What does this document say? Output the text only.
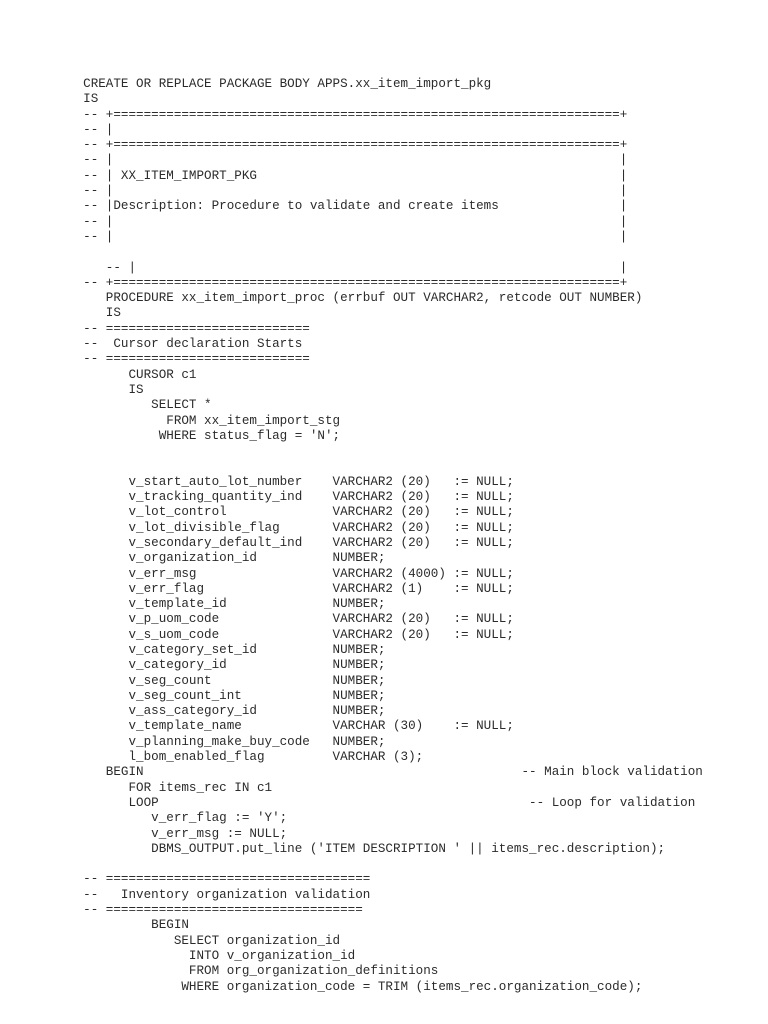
CREATE OR REPLACE PACKAGE BODY APPS.xx_item_import_pkg
IS
-- +===================================================================+
-- |
-- +===================================================================+
-- |                                                                   |
-- | XX_ITEM_IMPORT_PKG                                                |
-- |                                                                   |
-- |Description: Procedure to validate and create items                |
-- |                                                                   |
-- |                                                                   |
-- |                                                                |
-- +===================================================================+
PROCEDURE xx_item_import_proc (errbuf OUT VARCHAR2, retcode OUT NUMBER)
IS
-- ===========================
--  Cursor declaration Starts
-- ===========================
CURSOR c1
IS
SELECT *
FROM xx_item_import_stg
WHERE status_flag = 'N';
v_start_auto_lot_number    VARCHAR2 (20)   := NULL;
v_tracking_quantity_ind    VARCHAR2 (20)   := NULL;
v_lot_control              VARCHAR2 (20)   := NULL;
v_lot_divisible_flag       VARCHAR2 (20)   := NULL;
v_secondary_default_ind    VARCHAR2 (20)   := NULL;
v_organization_id          NUMBER;
v_err_msg                  VARCHAR2 (4000) := NULL;
v_err_flag                 VARCHAR2 (1)    := NULL;
v_template_id              NUMBER;
v_p_uom_code               VARCHAR2 (20)   := NULL;
v_s_uom_code               VARCHAR2 (20)   := NULL;
v_category_set_id          NUMBER;
v_category_id              NUMBER;
v_seg_count                NUMBER;
v_seg_count_int            NUMBER;
v_ass_category_id          NUMBER;
v_template_name            VARCHAR (30)    := NULL;
v_planning_make_buy_code   NUMBER;
l_bom_enabled_flag         VARCHAR (3);
BEGIN                                                  -- Main block validation
FOR items_rec IN c1
LOOP                                                 -- Loop for validation
v_err_flag := 'Y';
v_err_msg := NULL;
DBMS_OUTPUT.put_line ('ITEM DESCRIPTION ' || items_rec.description);
-- ===================================
--   Inventory organization validation
-- ==================================
BEGIN
SELECT organization_id
INTO v_organization_id
FROM org_organization_definitions
WHERE organization_code = TRIM (items_rec.organization_code);
